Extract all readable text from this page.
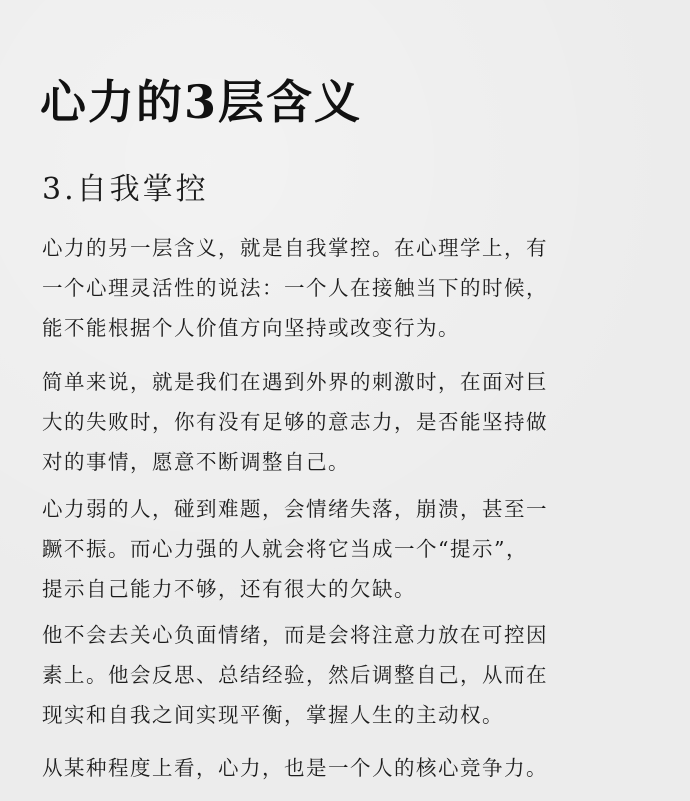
心力的3层含义
3.自我掌控

心力的另一层含义，就是自我掌控。在心理学上，有
一个心理灵活性的说法：一个人在接触当下的时候，
能不能根据个人价值方向坚持或改变行为。

简单来说，就是我们在遇到外界的刺激时，在面对巨
大的失败时，你有没有足够的意志力，是否能坚持做
对的事情，愿意不断调整自己。

心力弱的人，碰到难题，会情绪失落，崩溃，甚至一
蹶不振。而心力强的人就会将它当成一个“提示”，
提示自己能力不够，还有很大的欠缺。

他不会去关心负面情绪，而是会将注意力放在可控因
素上。他会反思、总结经验，然后调整自己，从而在
现实和自我之间实现平衡，掌握人生的主动权。

从某种程度上看，心力，也是一个人的核心竞争力。
